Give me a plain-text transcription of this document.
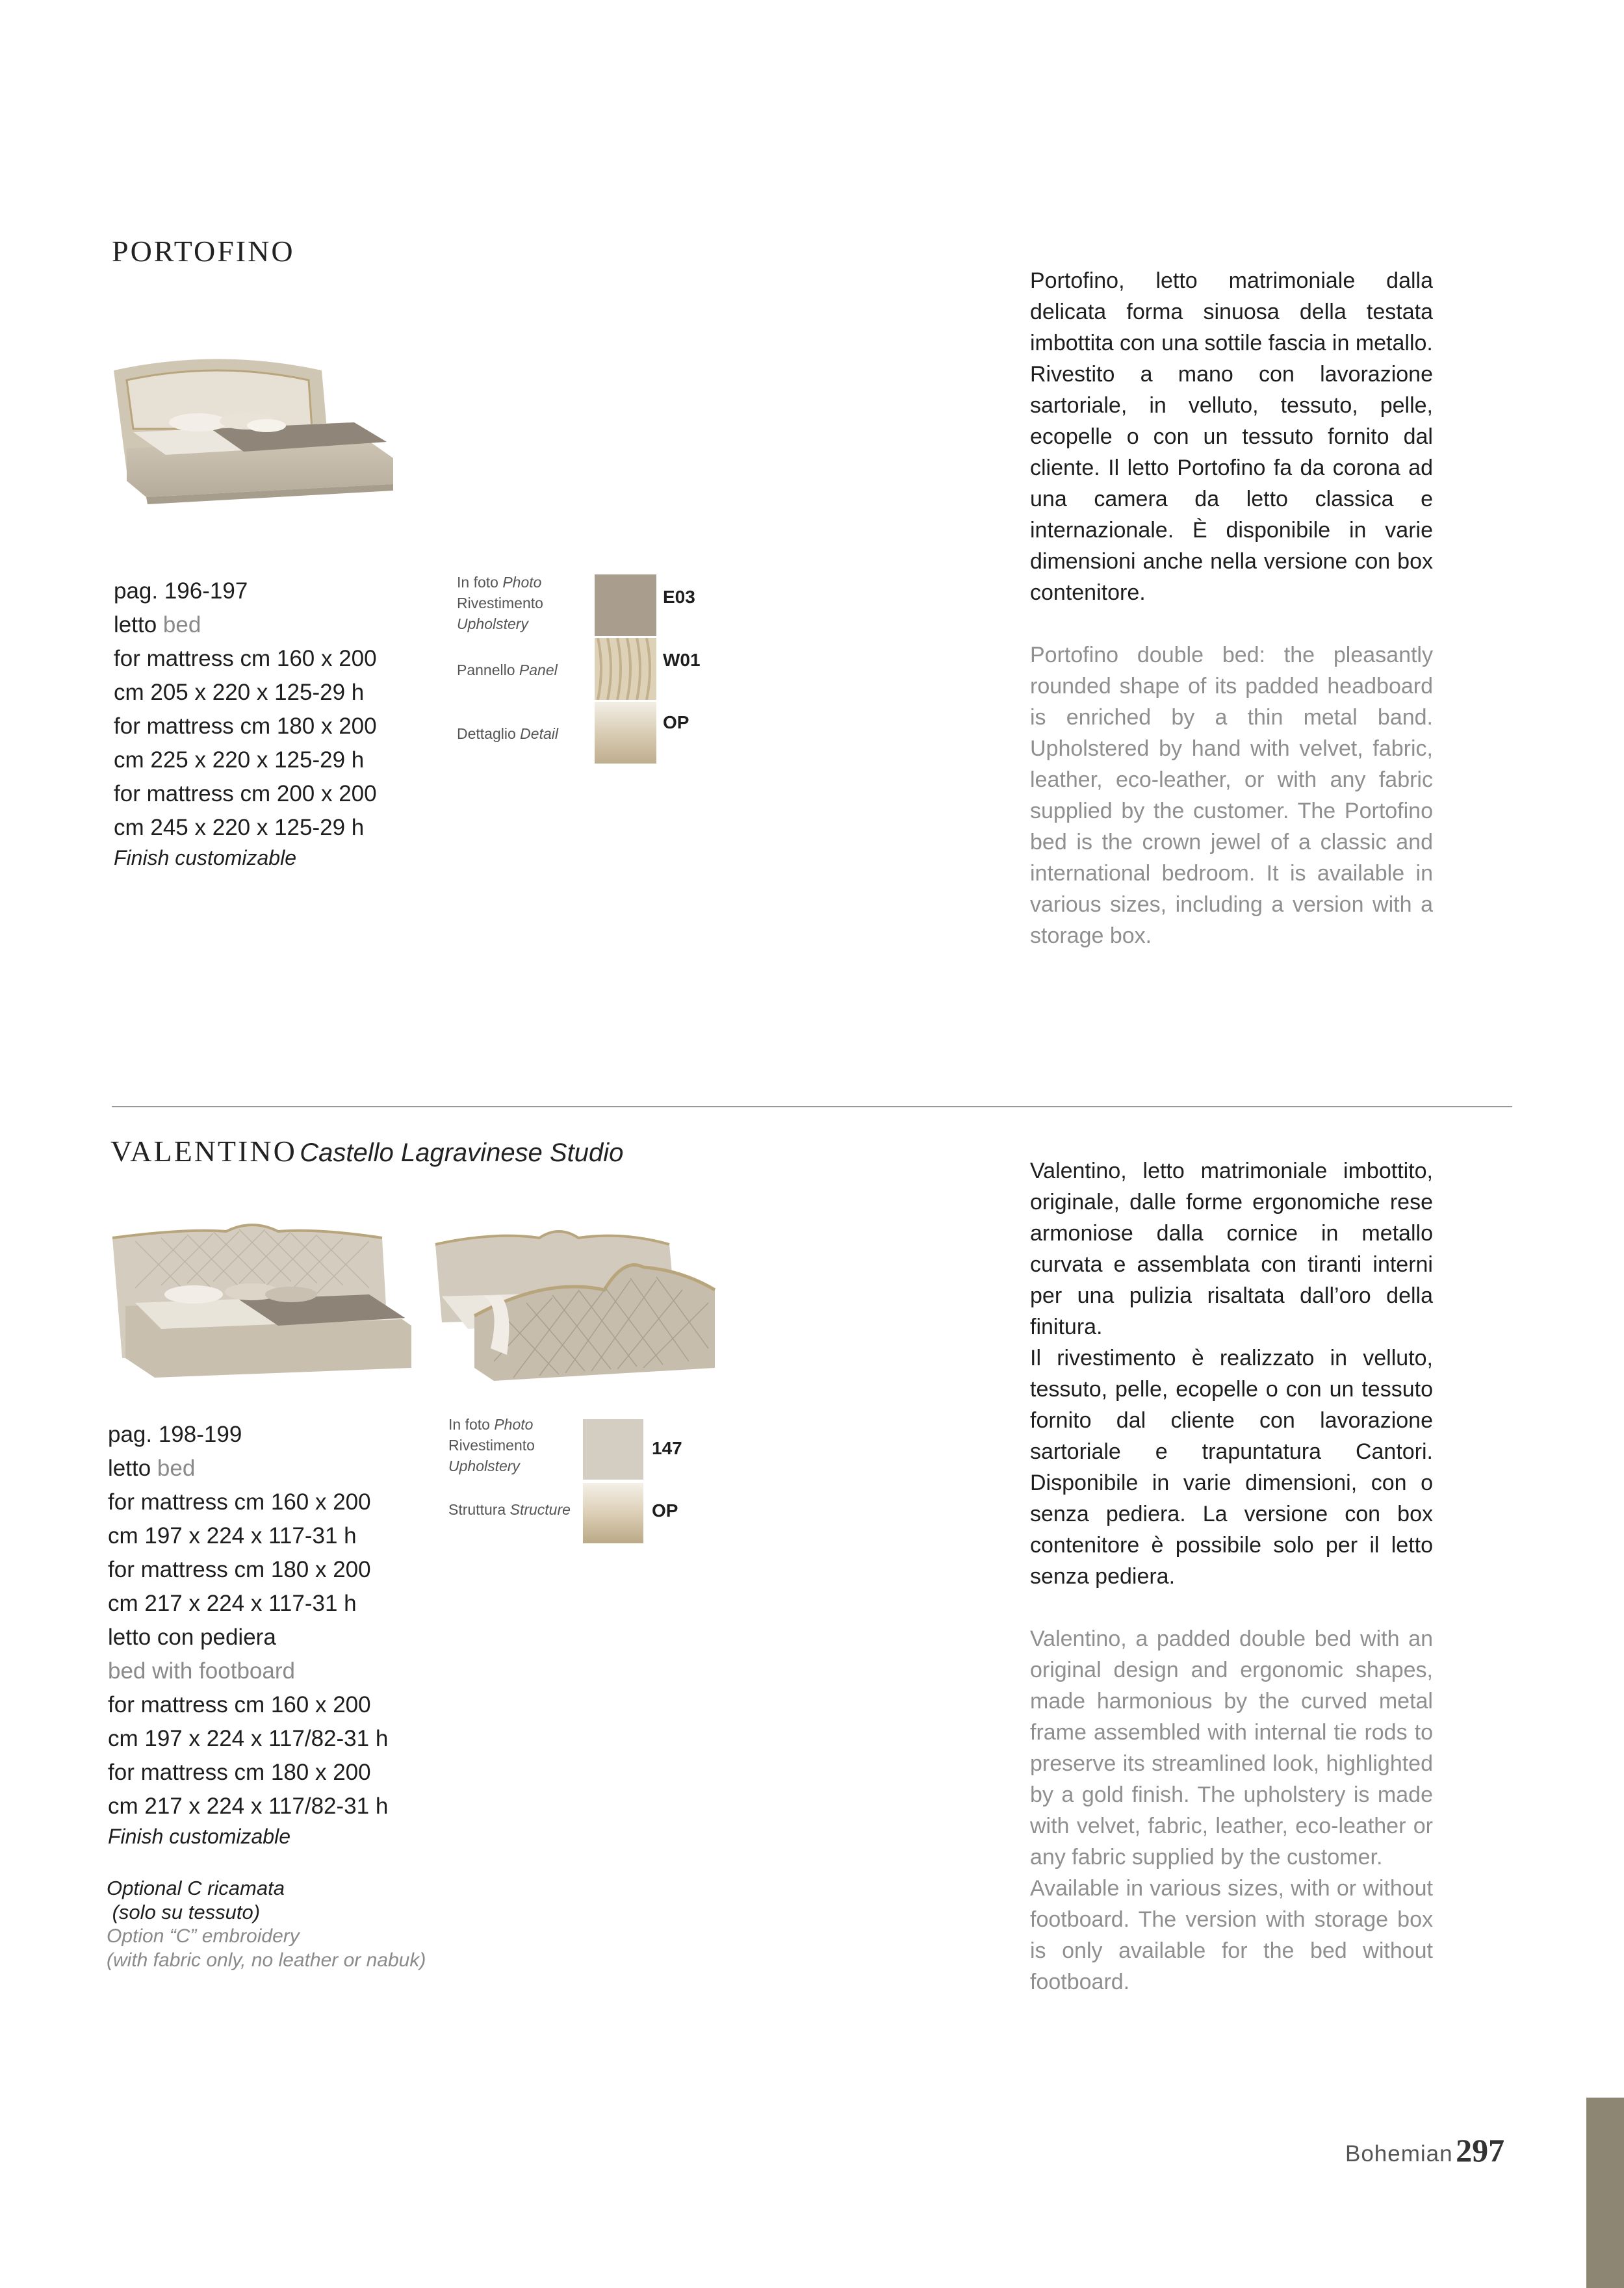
PORTOFINO
pag. 196-197
letto bed
for mattress cm 160 x 200
cm 205 x 220 x 125-29 h
for mattress cm 180 x 200
cm 225 x 220 x 125-29 h
for mattress cm 200 x 200
cm 245 x 220 x 125-29 h
Finish customizable
In foto Photo
Rivestimento
Upholstery
Pannello Panel
Dettaglio Detail
E03
W01
OP

Portofino, letto matrimoniale dalla delicata forma sinuosa della testata imbottita con una sottile fascia in metallo.

Rivestito a mano con lavorazione sartoriale, in velluto, tessuto, pelle, ecopelle o con un tessuto fornito dal cliente. Il letto Portofino fa da corona ad una camera da letto classica e internazionale. È disponibile in varie dimensioni anche nella versione con box contenitore.

Portofino double bed: the pleasantly rounded shape of its padded headboard is enriched by a thin metal band. Upholstered by hand with velvet, fabric, leather, eco-leather, or with any fabric supplied by the customer. The Portofino bed is the crown jewel of a classic and international bedroom. It is available in various sizes, including a version with a storage box.

VALENTINO Castello Lagravinese Studio
pag. 198-199
letto bed
for mattress cm 160 x 200
cm 197 x 224 x 117-31 h
for mattress cm 180 x 200
cm 217 x 224 x 117-31 h
letto con pediera
bed with footboard
for mattress cm 160 x 200
cm 197 x 224 x 117/82-31 h
for mattress cm 180 x 200
cm 217 x 224 x 117/82-31 h
Finish customizable
Optional C ricamata
(solo su tessuto)
Option “C” embroidery
(with fabric only, no leather or nabuk)
In foto Photo
Rivestimento
Upholstery
Struttura Structure
147
OP

Valentino, letto matrimoniale imbottito, originale, dalle forme ergonomiche rese armoniose dalla cornice in metallo curvata e assemblata con tiranti interni per una pulizia risaltata dall’oro della finitura.

Il rivestimento è realizzato in velluto, tessuto, pelle, ecopelle o con un tessuto fornito dal cliente con lavorazione sartoriale e trapuntatura Cantori. Disponibile in varie dimensioni, con o senza pediera. La versione con box contenitore è possibile solo per il letto senza pediera.

Valentino, a padded double bed with an original design and ergonomic shapes, made harmonious by the curved metal frame assembled with internal tie rods to preserve its streamlined look, highlighted by a gold finish. The upholstery is made with velvet, fabric, leather, eco-leather or any fabric supplied by the customer.

Available in various sizes, with or without footboard. The version with storage box is only available for the bed without footboard.

Bohemian 297
